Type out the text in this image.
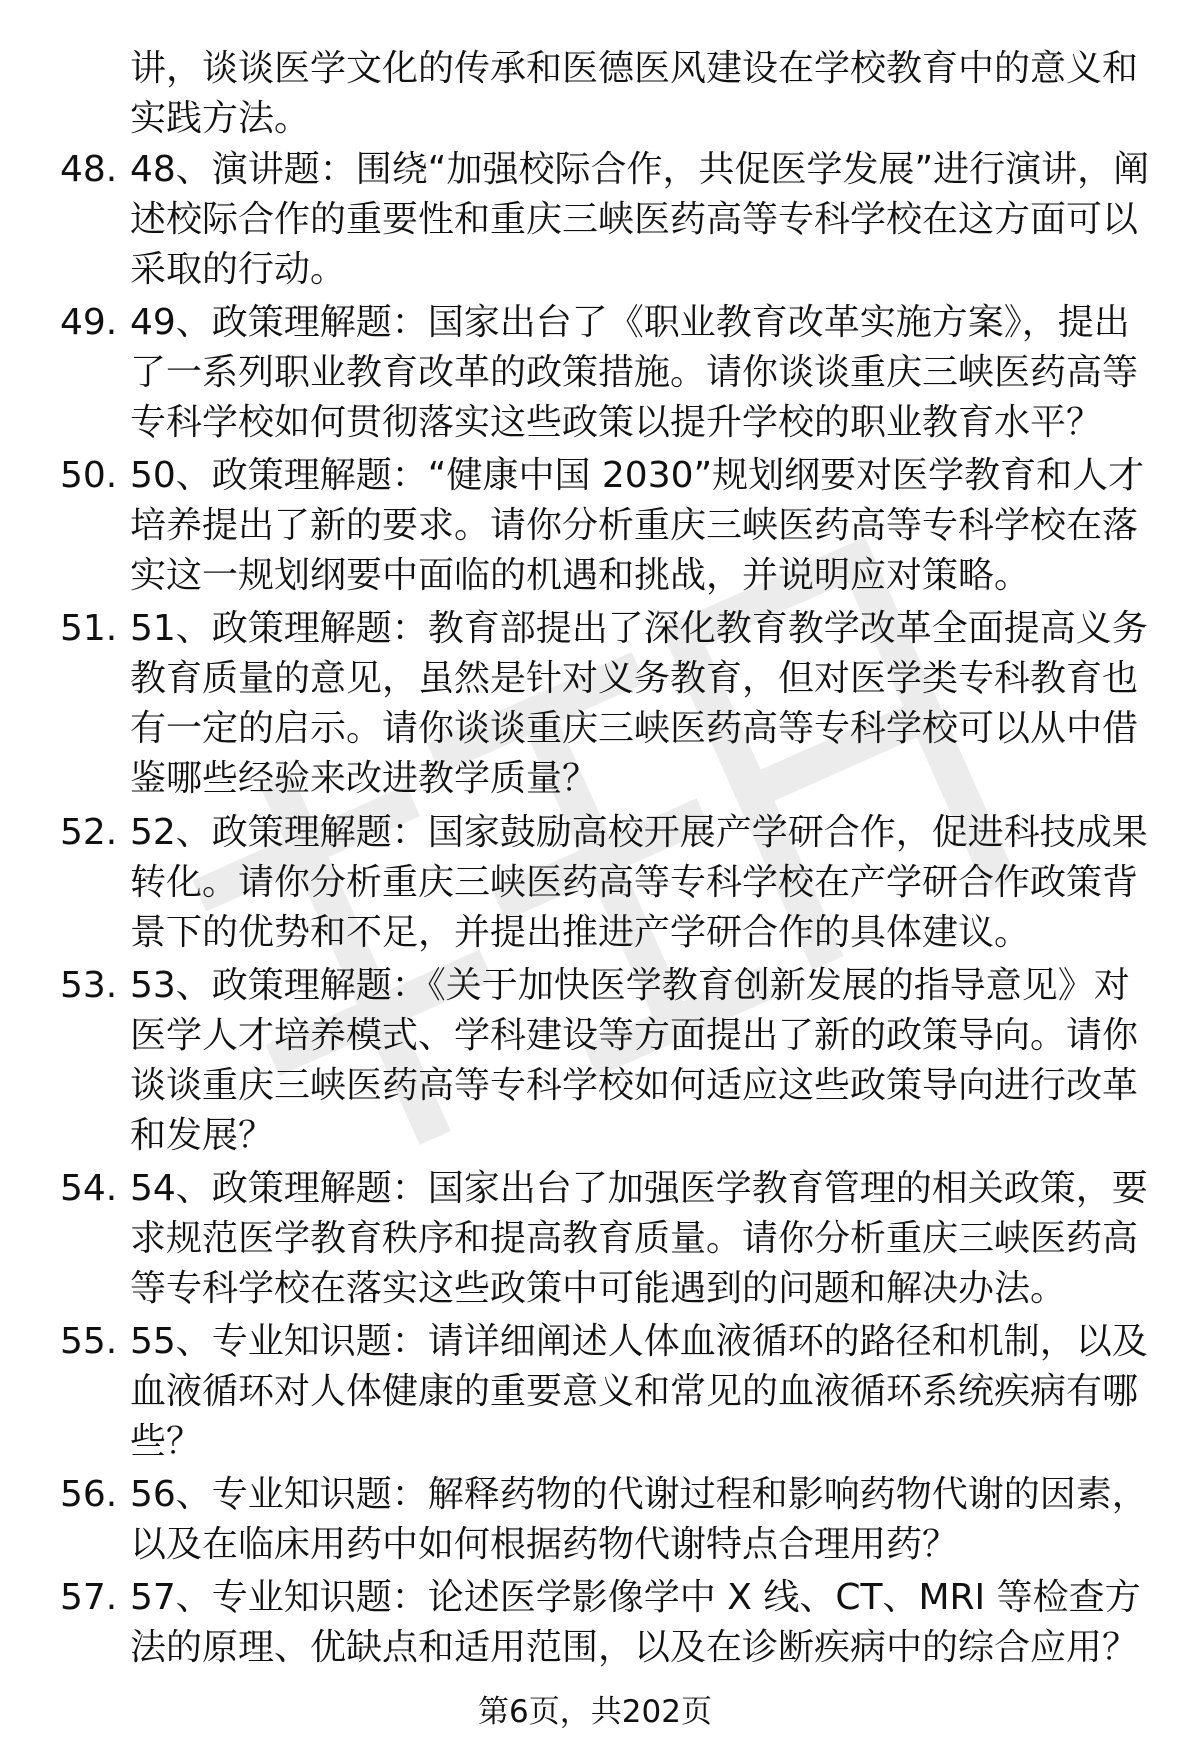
讲，谈谈医学文化的传承和医德医风建设在学校教育中的意义和实践方法。

48. 48、演讲题：围绕“加强校际合作，共促医学发展”进行演讲，阐述校际合作的重要性和重庆三峡医药高等专科学校在这方面可以采取的行动。

49. 49、政策理解题：国家出台了《职业教育改革实施方案》，提出了一系列职业教育改革的政策措施。请你谈谈重庆三峡医药高等专科学校如何贯彻落实这些政策以提升学校的职业教育水平？

50. 50、政策理解题：“健康中国 2030”规划纲要对医学教育和人才培养提出了新的要求。请你分析重庆三峡医药高等专科学校在落实这一规划纲要中面临的机遇和挑战，并说明应对策略。

51. 51、政策理解题：教育部提出了深化教育教学改革全面提高义务教育质量的意见，虽然是针对义务教育，但对医学类专科教育也有一定的启示。请你谈谈重庆三峡医药高等专科学校可以从中借鉴哪些经验来改进教学质量？

52. 52、政策理解题：国家鼓励高校开展产学研合作，促进科技成果转化。请你分析重庆三峡医药高等专科学校在产学研合作政策背景下的优势和不足，并提出推进产学研合作的具体建议。

53. 53、政策理解题：《关于加快医学教育创新发展的指导意见》对医学人才培养模式、学科建设等方面提出了新的政策导向。请你谈谈重庆三峡医药高等专科学校如何适应这些政策导向进行改革和发展？

54. 54、政策理解题：国家出台了加强医学教育管理的相关政策，要求规范医学教育秩序和提高教育质量。请你分析重庆三峡医药高等专科学校在落实这些政策中可能遇到的问题和解决办法。

55. 55、专业知识题：请详细阐述人体血液循环的路径和机制，以及血液循环对人体健康的重要意义和常见的血液循环系统疾病有哪些？

56. 56、专业知识题：解释药物的代谢过程和影响药物代谢的因素，以及在临床用药中如何根据药物代谢特点合理用药？

57. 57、专业知识题：论述医学影像学中 X 线、CT、MRI 等检查方法的原理、优缺点和适用范围，以及在诊断疾病中的综合应用？

第6页，共202页
